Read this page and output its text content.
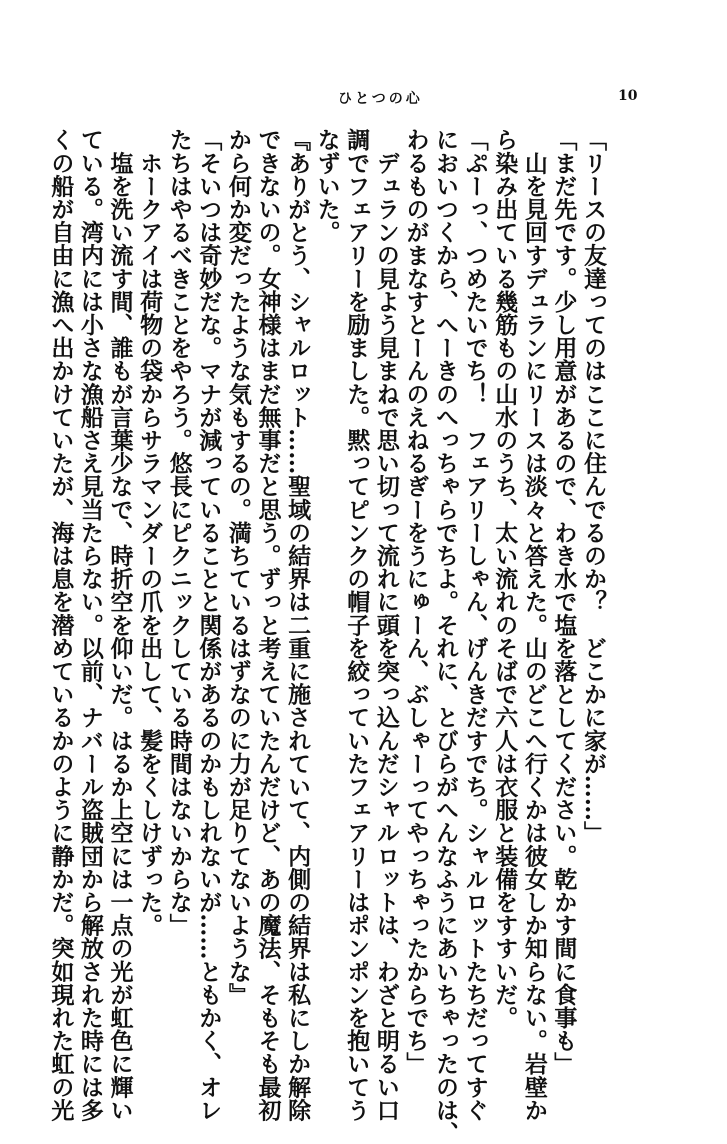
ひとつの心	10
「リースの友達ってのはここに住んでるのか？　どこかに家が……」
「まだ先です。少し用意があるので、わき水で塩を落としてください。乾かす間に食事も」
　山を見回すデュランにリースは淡々と答えた。山のどこへ行くかは彼女しか知らない。岩壁か
ら染み出ている幾筋もの山水のうち、太い流れのそばで六人は衣服と装備をすすいだ。
「ぷーっ、つめたいでち！　フェアリーしゃん、げんきだすでち。シャルロットたちだってすぐ
においつくから、へーきのへっちゃらでちよ。それに、とびらがへんなふうにあいちゃったのは、
わるものがまなすとーんのえねるぎーをうにゅーん、ぶしゃーってやっちゃったからでち」
　デュランの見よう見まねで思い切って流れに頭を突っ込んだシャルロットは、わざと明るい口
調でフェアリーを励ました。黙ってピンクの帽子を絞っていたフェアリーはポンポンを抱いてう
なずいた。
『ありがとう、シャルロット……聖域の結界は二重に施されていて、内側の結界は私にしか解除
できないの。女神様はまだ無事だと思う。ずっと考えていたんだけど、あの魔法、そもそも最初
から何か変だったような気もするの。満ちているはずなのに力が足りてないような』
「そいつは奇妙だな。マナが減っていることと関係があるのかもしれないが……ともかく、オレ
たちはやるべきことをやろう。悠長にピクニックしている時間はないからな」
　ホークアイは荷物の袋からサラマンダーの爪を出して、髪をくしけずった。
　塩を洗い流す間、誰もが言葉少なで、時折空を仰いだ。はるか上空には一点の光が虹色に輝い
ている。湾内には小さな漁船さえ見当たらない。以前、ナバール盗賊団から解放された時には多
くの船が自由に漁へ出かけていたが、海は息を潜めているかのように静かだ。突如現れた虹の光
